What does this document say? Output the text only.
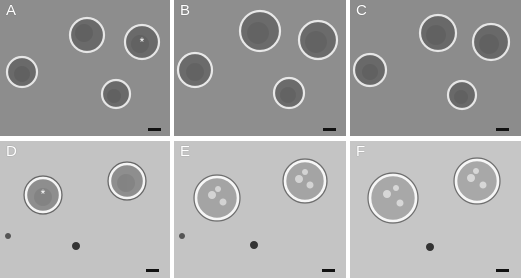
*
A	B	C
*
D	E	F
